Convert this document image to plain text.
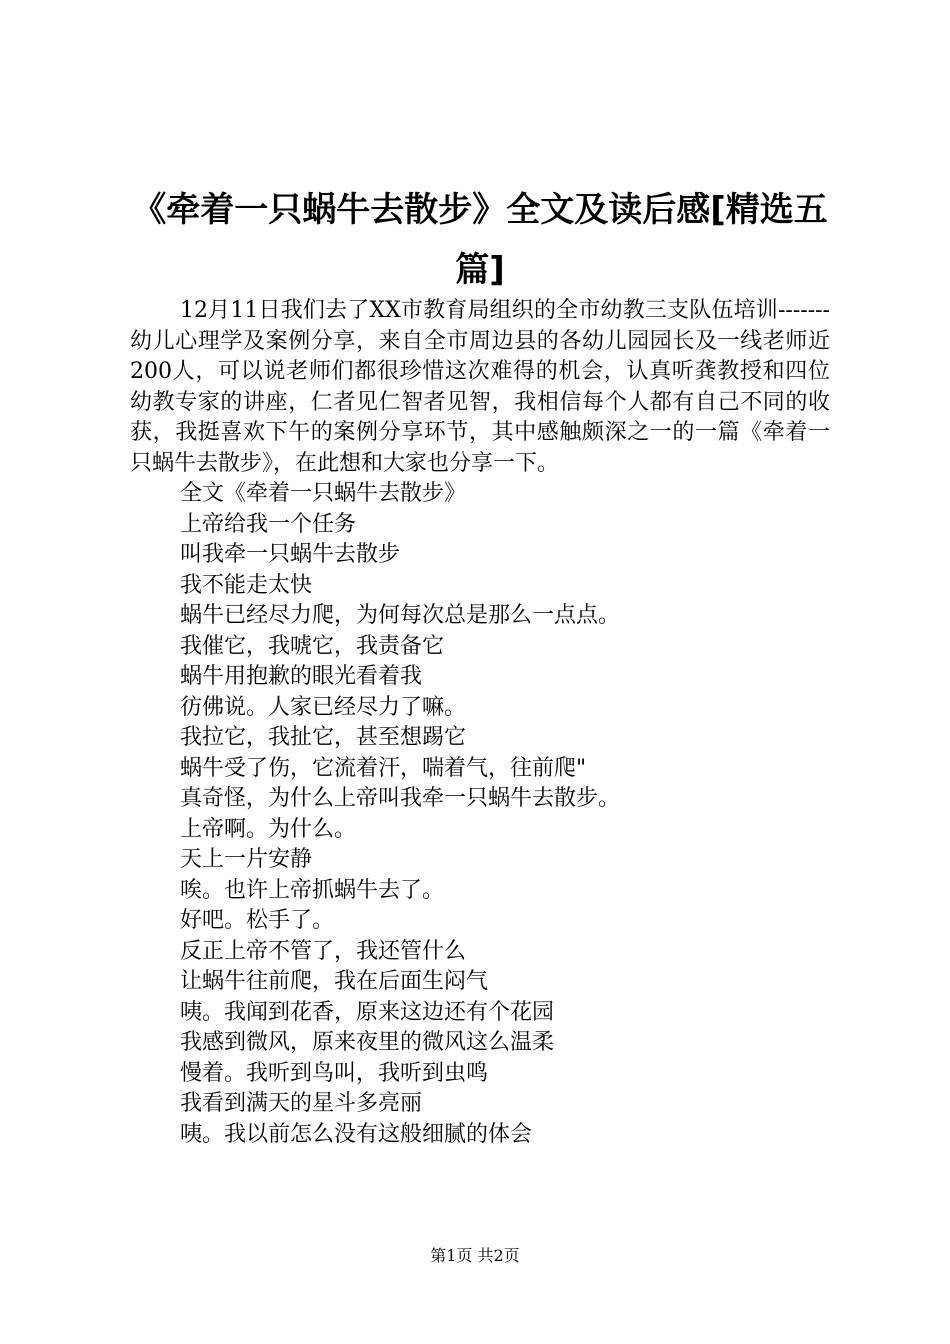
《牵着一只蜗牛去散步》全文及读后感[精选五篇]

12月11日我们去了XX市教育局组织的全市幼教三支队伍培训-------幼儿心理学及案例分享，来自全市周边县的各幼儿园园长及一线老师近200人，可以说老师们都很珍惜这次难得的机会，认真听龚教授和四位幼教专家的讲座，仁者见仁智者见智，我相信每个人都有自己不同的收获，我挺喜欢下午的案例分享环节，其中感触颇深之一的一篇《牵着一只蜗牛去散步》，在此想和大家也分享一下。

全文《牵着一只蜗牛去散步》

上帝给我一个任务

叫我牵一只蜗牛去散步

我不能走太快

蜗牛已经尽力爬，为何每次总是那么一点点。

我催它，我唬它，我责备它

蜗牛用抱歉的眼光看着我

彷佛说。人家已经尽力了嘛。

我拉它，我扯它，甚至想踢它

蜗牛受了伤，它流着汗，喘着气，往前爬"

真奇怪，为什么上帝叫我牵一只蜗牛去散步。

上帝啊。为什么。

天上一片安静

唉。也许上帝抓蜗牛去了。

好吧。松手了。

反正上帝不管了，我还管什么

让蜗牛往前爬，我在后面生闷气

咦。我闻到花香，原来这边还有个花园

我感到微风，原来夜里的微风这么温柔

慢着。我听到鸟叫，我听到虫鸣

我看到满天的星斗多亮丽

咦。我以前怎么没有这般细腻的体会

第1页 共2页
